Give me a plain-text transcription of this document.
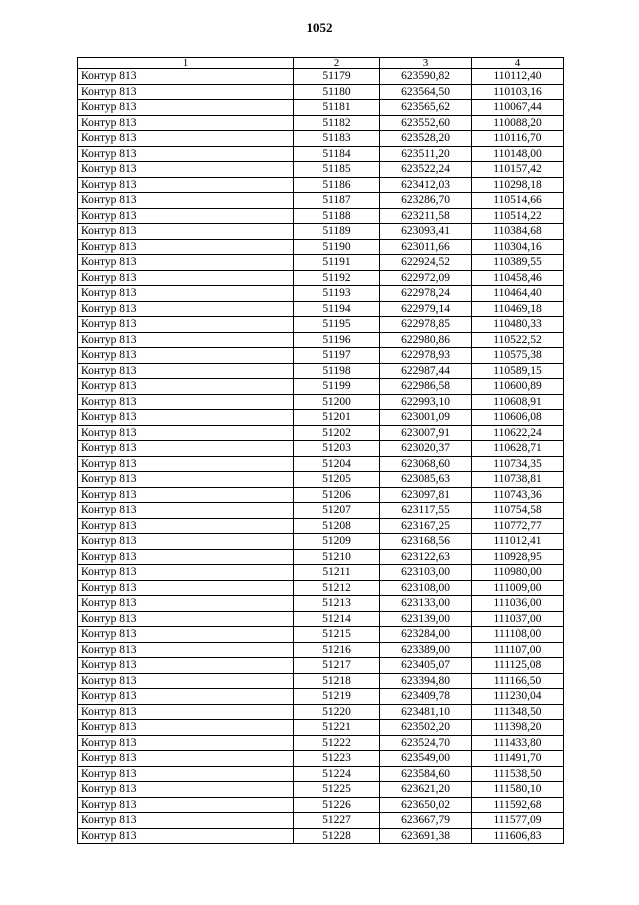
1052
1	2	3	4
Контур 813	51179	623590,82	110112,40
Контур 813	51180	623564,50	110103,16
Контур 813	51181	623565,62	110067,44
Контур 813	51182	623552,60	110088,20
Контур 813	51183	623528,20	110116,70
Контур 813	51184	623511,20	110148,00
Контур 813	51185	623522,24	110157,42
Контур 813	51186	623412,03	110298,18
Контур 813	51187	623286,70	110514,66
Контур 813	51188	623211,58	110514,22
Контур 813	51189	623093,41	110384,68
Контур 813	51190	623011,66	110304,16
Контур 813	51191	622924,52	110389,55
Контур 813	51192	622972,09	110458,46
Контур 813	51193	622978,24	110464,40
Контур 813	51194	622979,14	110469,18
Контур 813	51195	622978,85	110480,33
Контур 813	51196	622980,86	110522,52
Контур 813	51197	622978,93	110575,38
Контур 813	51198	622987,44	110589,15
Контур 813	51199	622986,58	110600,89
Контур 813	51200	622993,10	110608,91
Контур 813	51201	623001,09	110606,08
Контур 813	51202	623007,91	110622,24
Контур 813	51203	623020,37	110628,71
Контур 813	51204	623068,60	110734,35
Контур 813	51205	623085,63	110738,81
Контур 813	51206	623097,81	110743,36
Контур 813	51207	623117,55	110754,58
Контур 813	51208	623167,25	110772,77
Контур 813	51209	623168,56	111012,41
Контур 813	51210	623122,63	110928,95
Контур 813	51211	623103,00	110980,00
Контур 813	51212	623108,00	111009,00
Контур 813	51213	623133,00	111036,00
Контур 813	51214	623139,00	111037,00
Контур 813	51215	623284,00	111108,00
Контур 813	51216	623389,00	111107,00
Контур 813	51217	623405,07	111125,08
Контур 813	51218	623394,80	111166,50
Контур 813	51219	623409,78	111230,04
Контур 813	51220	623481,10	111348,50
Контур 813	51221	623502,20	111398,20
Контур 813	51222	623524,70	111433,80
Контур 813	51223	623549,00	111491,70
Контур 813	51224	623584,60	111538,50
Контур 813	51225	623621,20	111580,10
Контур 813	51226	623650,02	111592,68
Контур 813	51227	623667,79	111577,09
Контур 813	51228	623691,38	111606,83
